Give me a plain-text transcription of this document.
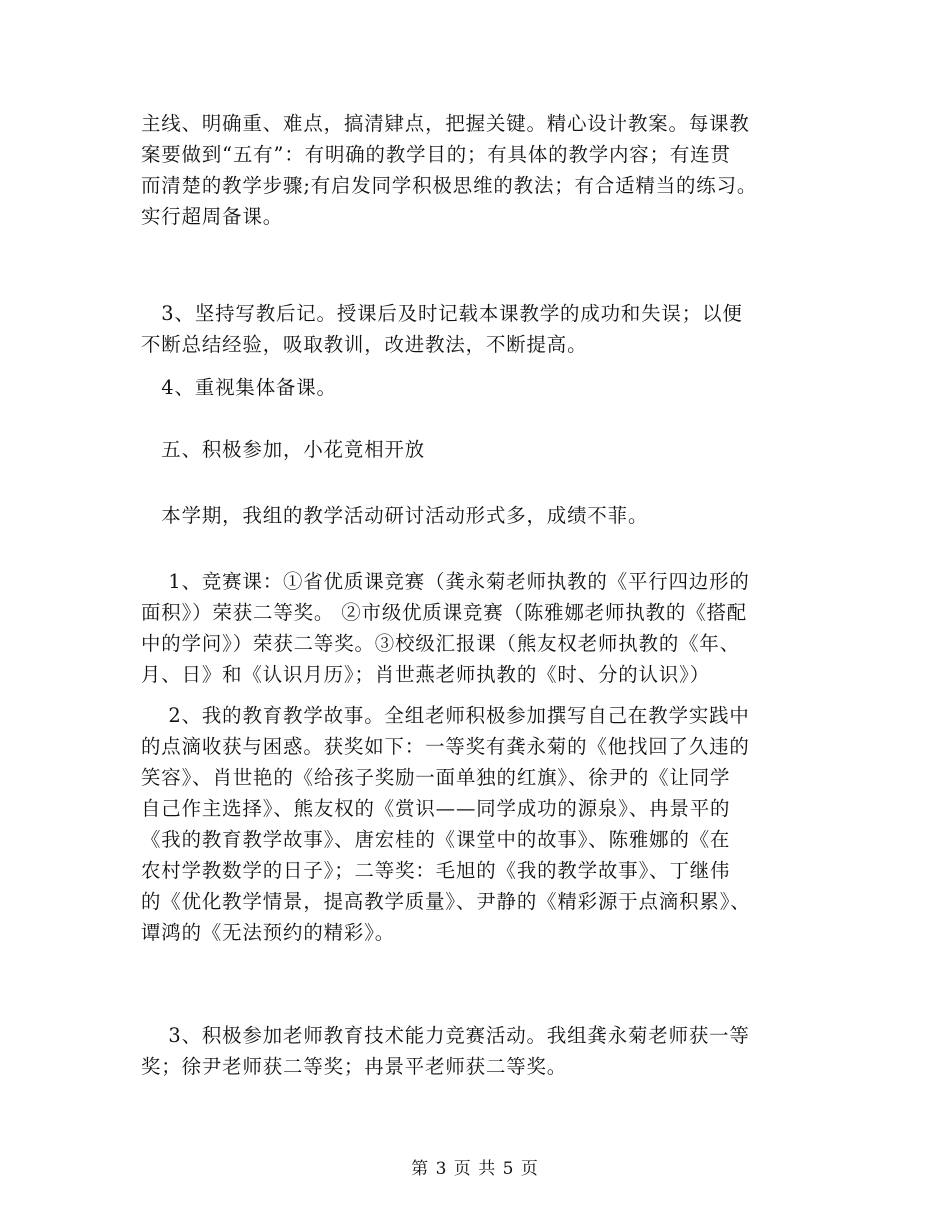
主线、明确重、难点，搞清肄点，把握关键。精心设计教案。每课教
案要做到“五有”：有明确的教学目的；有具体的教学内容；有连贯
而清楚的教学步骤;有启发同学积极思维的教法；有合适精当的练习。
实行超周备课。
　3、坚持写教后记。授课后及时记载本课教学的成功和失误；以便
不断总结经验，吸取教训，改进教法，不断提高。
　4、重视集体备课。
　五、积极参加，小花竟相开放
　本学期，我组的教学活动研讨活动形式多，成绩不菲。
　 1、竞赛课：①省优质课竞赛（龚永菊老师执教的《平行四边形的
面积》）荣获二等奖。 ②市级优质课竞赛（陈雅娜老师执教的《搭配
中的学问》）荣获二等奖。③校级汇报课（熊友权老师执教的《年、
月、日》和《认识月历》；肖世燕老师执教的《时、分的认识》）
　 2、我的教育教学故事。全组老师积极参加撰写自己在教学实践中
的点滴收获与困惑。获奖如下：一等奖有龚永菊的《他找回了久违的
笑容》、肖世艳的《给孩子奖励一面单独的红旗》、徐尹的《让同学
自己作主选择》、熊友权的《赏识——同学成功的源泉》、冉景平的
《我的教育教学故事》、唐宏桂的《课堂中的故事》、陈雅娜的《在
农村学教数学的日子》；二等奖：毛旭的《我的教学故事》、丁继伟
的《优化教学情景，提高教学质量》、尹静的《精彩源于点滴积累》、
谭鸿的《无法预约的精彩》。
　 3、积极参加老师教育技术能力竞赛活动。我组龚永菊老师获一等
奖；徐尹老师获二等奖；冉景平老师获二等奖。
第 3 页 共 5 页
